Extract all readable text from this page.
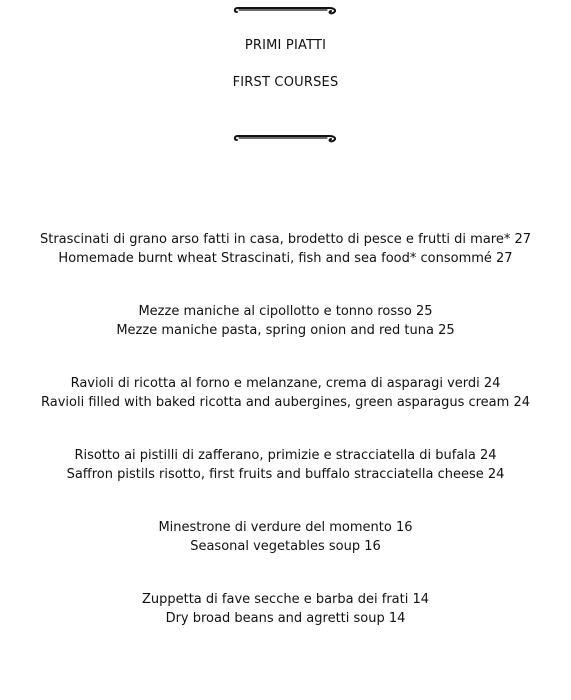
PRIMI PIATTI
FIRST COURSES
Strascinati di grano arso fatti in casa, brodetto di pesce e frutti di mare* 27
Homemade burnt wheat Strascinati, fish and sea food* consommé 27
Mezze maniche al cipollotto e tonno rosso 25
Mezze maniche pasta, spring onion and red tuna 25
Ravioli di ricotta al forno e melanzane, crema di asparagi verdi 24
Ravioli filled with baked ricotta and aubergines, green asparagus cream 24
Risotto ai pistilli di zafferano, primizie e stracciatella di bufala 24
Saffron pistils risotto, first fruits and buffalo stracciatella cheese 24
Minestrone di verdure del momento 16
Seasonal vegetables soup 16
Zuppetta di fave secche e barba dei frati 14
Dry broad beans and agretti soup 14
